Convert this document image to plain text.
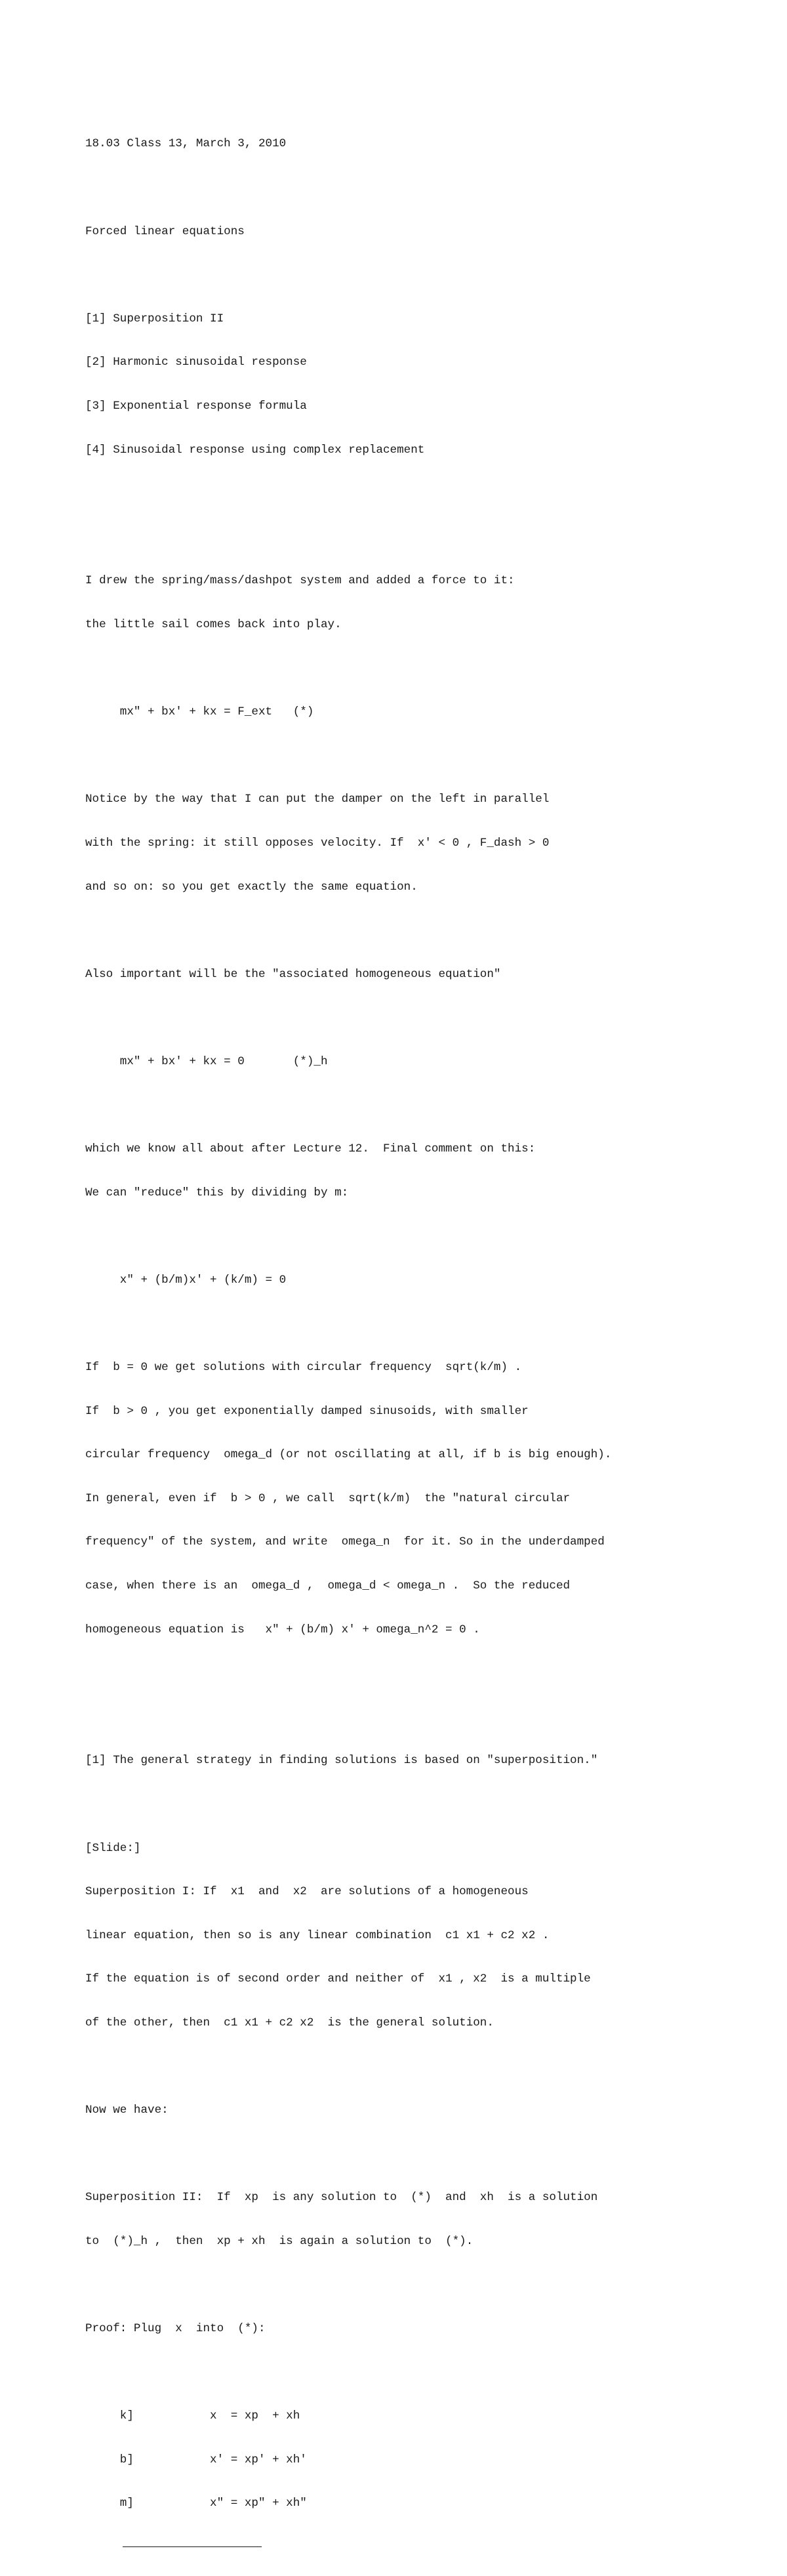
18.03 Class 13, March 3, 2010

Forced linear equations

[1] Superposition II

[2] Harmonic sinusoidal response

[3] Exponential response formula

[4] Sinusoidal response using complex replacement

I drew the spring/mass/dashpot system and added a force to it:

the little sail comes back into play.

mx" + bx' + kx = F_ext   (*)

Notice by the way that I can put the damper on the left in parallel

with the spring: it still opposes velocity. If  x' < 0 , F_dash > 0

and so on: so you get exactly the same equation.

Also important will be the "associated homogeneous equation"

mx" + bx' + kx = 0       (*)_h

which we know all about after Lecture 12.  Final comment on this:

We can "reduce" this by dividing by m:

x" + (b/m)x' + (k/m) = 0

If  b = 0 we get solutions with circular frequency  sqrt(k/m) .

If  b > 0 , you get exponentially damped sinusoids, with smaller

circular frequency  omega_d (or not oscillating at all, if b is big enough).

In general, even if  b > 0 , we call  sqrt(k/m)  the "natural circular

frequency" of the system, and write  omega_n  for it. So in the underdamped

case, when there is an  omega_d ,  omega_d < omega_n .  So the reduced

homogeneous equation is   x" + (b/m) x' + omega_n^2 = 0 .

[1] The general strategy in finding solutions is based on "superposition."

[Slide:]

Superposition I: If  x1  and  x2  are solutions of a homogeneous

linear equation, then so is any linear combination  c1 x1 + c2 x2 .

If the equation is of second order and neither of  x1 , x2  is a multiple

of the other, then  c1 x1 + c2 x2  is the general solution.

Now we have:

Superposition II:  If  xp  is any solution to  (*)  and  xh  is a solution

to  (*)_h ,  then  xp + xh  is again a solution to  (*).

Proof: Plug  x  into  (*):

k]           x  = xp  + xh

b]           x' = xp' + xh'

m]           x" = xp" + xh"
